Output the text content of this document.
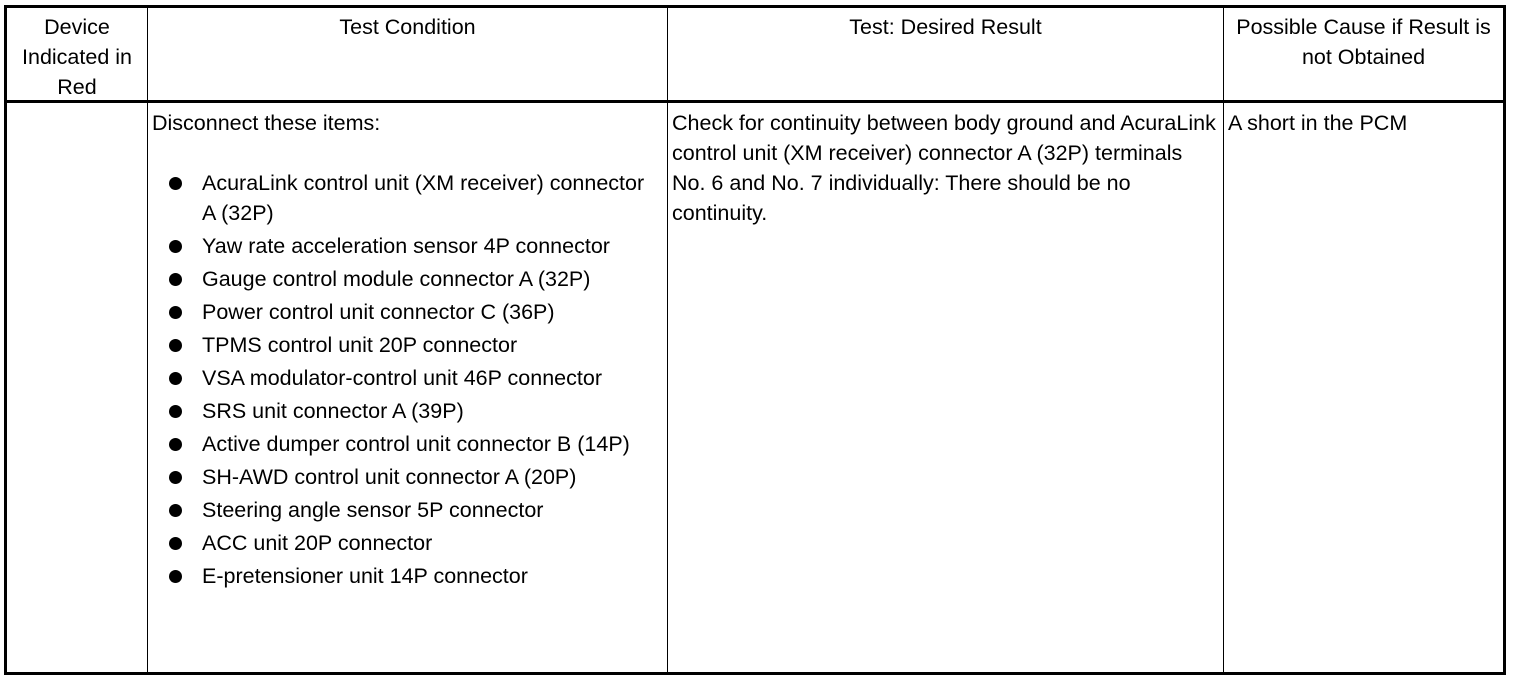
Device Indicated in Red
Test Condition	Test: Desired Result	Possible Cause if Result is not Obtained
Disconnect these items:
AcuraLink control unit (XM receiver) connector A (32P)
Yaw rate acceleration sensor 4P connector
Gauge control module connector A (32P)
Power control unit connector C (36P)
TPMS control unit 20P connector
VSA modulator-control unit 46P connector
SRS unit connector A (39P)
Active dumper control unit connector B (14P)
SH-AWD control unit connector A (20P)
Steering angle sensor 5P connector
ACC unit 20P connector
E-pretensioner unit 14P connector
Check for continuity between body ground and AcuraLink control unit (XM receiver) connector A (32P) terminals No. 6 and No. 7 individually: There should be no continuity.
A short in the PCM
